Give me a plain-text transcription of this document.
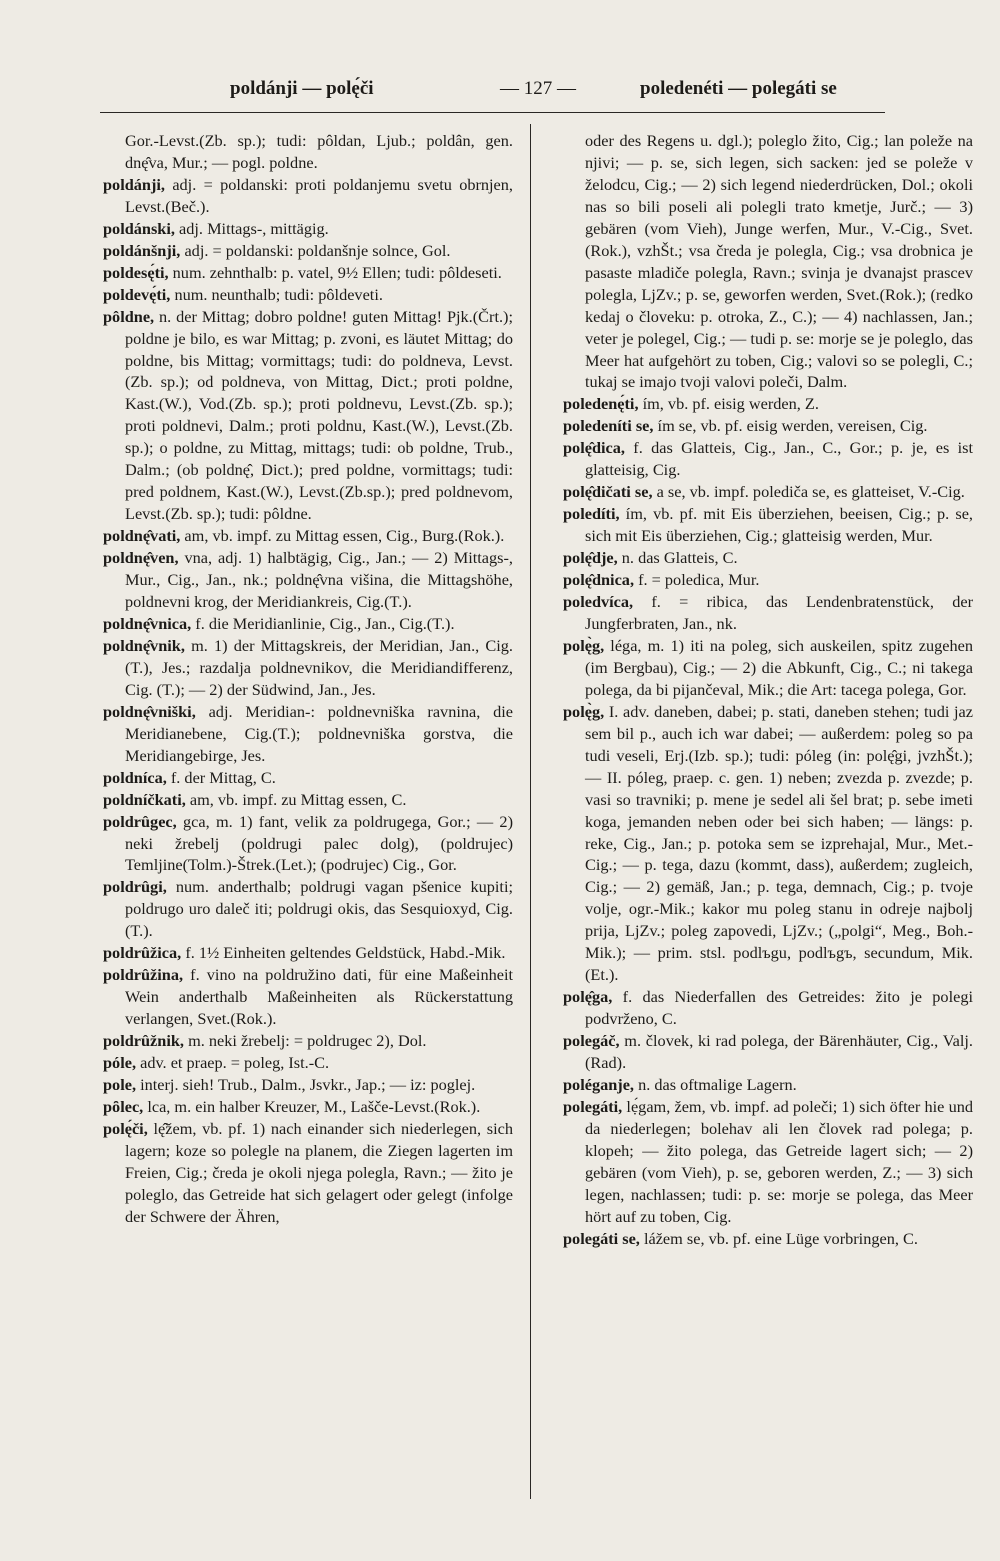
poldánji — polę́či	— 127 —	poledenéti — polegáti se

Gor.-Levst.(Zb. sp.); tudi: pôldan, Ljub.; poldân, gen. dnę̂va, Mur.; — pogl. poldne.

poldánji, adj. = poldanski: proti poldanjemu svetu obrnjen, Levst.(Beč.).

poldánski, adj. Mittags-, mittägig.

poldánšnji, adj. = poldanski: poldanšnje solnce, Gol.

poldesę́ti, num. zehnthalb: p. vatel, 9½ Ellen; tudi: pôldeseti.

poldevę́ti, num. neunthalb; tudi: pôldeveti.

pôldne, n. der Mittag; dobro poldne! guten Mittag! Pjk.(Črt.); poldne je bilo, es war Mittag; p. zvoni, es läutet Mittag; do poldne, bis Mittag; vormittags; tudi: do poldneva, Levst.(Zb. sp.); od poldneva, von Mittag, Dict.; proti poldne, Kast.(W.), Vod.(Zb. sp.); proti poldnevu, Levst.(Zb. sp.); proti poldnevi, Dalm.; proti poldnu, Kast.(W.), Levst.(Zb. sp.); o poldne, zu Mittag, mittags; tudi: ob poldne, Trub., Dalm.; (ob poldnę̂, Dict.); pred poldne, vormittags; tudi: pred poldnem, Kast.(W.), Levst.(Zb.sp.); pred poldnevom, Levst.(Zb. sp.); tudi: pôldne.

poldnę̂vati, am, vb. impf. zu Mittag essen, Cig., Burg.(Rok.).

poldnę̂ven, vna, adj. 1) halbtägig, Cig., Jan.; — 2) Mittags-, Mur., Cig., Jan., nk.; poldnę̂vna višina, die Mittagshöhe, poldnevni krog, der Meridiankreis, Cig.(T.).

poldnę̂vnica, f. die Meridianlinie, Cig., Jan., Cig.(T.).

poldnę̂vnik, m. 1) der Mittagskreis, der Meridian, Jan., Cig.(T.), Jes.; razdalja poldnevnikov, die Meridiandifferenz, Cig. (T.); — 2) der Südwind, Jan., Jes.

poldnę̂vniški, adj. Meridian-: poldnevniška ravnina, die Meridianebene, Cig.(T.); poldnevniška gorstva, die Meridiangebirge, Jes.

poldníca, f. der Mittag, C.

poldníčkati, am, vb. impf. zu Mittag essen, C.

poldrûgec, gca, m. 1) fant, velik za poldrugega, Gor.; — 2) neki žrebelj (poldrugi palec dolg), (poldrujec) Temljine(Tolm.)-Štrek.(Let.); (podrujec) Cig., Gor.

poldrûgi, num. anderthalb; poldrugi vagan pšenice kupiti; poldrugo uro dalеč iti; poldrugi okis, das Sesquioxyd, Cig.(T.).

poldrûžica, f. 1½ Einheiten geltendes Geldstück, Habd.-Mik.

poldrûžina, f. vino na poldružino dati, für eine Maßeinheit Wein anderthalb Maßeinheiten als Rückerstattung verlangen, Svet.(Rok.).

poldrûžnik, m. neki žrebelj: = poldrugec 2), Dol.

póle, adv. et praep. = poleg, Ist.-C.

pole, interj. sieh! Trub., Dalm., Jsvkr., Jap.; — iz: poglej.

pȏlec, lca, m. ein halber Kreuzer, M., Lašče-Levst.(Rok.).

polę́či, lę̂žem, vb. pf. 1) nach einander sich niederlegen, sich lagern; koze so polegle na planem, die Ziegen lagerten im Freien, Cig.; čreda je okoli njega polegla, Ravn.; — žito je poleglo, das Getreide hat sich gelagert oder gelegt (infolge der Schwere der Ähren,

oder des Regens u. dgl.); poleglo žito, Cig.; lan poleže na njivi; — p. se, sich legen, sich sacken: jed se poleže v želodcu, Cig.; — 2) sich legend niederdrücken, Dol.; okoli nas so bili poseli ali polegli trato kmetje, Jurč.; — 3) gebären (vom Vieh), Junge werfen, Mur., V.-Cig., Svet.(Rok.), vzhŠt.; vsa čreda je polegla, Cig.; vsa drobnica je pasaste mladiče polegla, Ravn.; svinja je dvanajst prascev polegla, LjZv.; p. se, geworfen werden, Svet.(Rok.); (redko kedaj o človeku: p. otroka, Z., C.); — 4) nachlassen, Jan.; veter je polegel, Cig.; — tudi p. se: morje se je poleglo, das Meer hat aufgehört zu toben, Cig.; valovi so se polegli, C.; tukaj se imajo tvoji valovi poleči, Dalm.

poledenę́ti, ím, vb. pf. eisig werden, Z.

poledeníti se, ím se, vb. pf. eisig werden, vereisen, Cig.

polę̂dica, f. das Glatteis, Cig., Jan., C., Gor.; p. je, es ist glatteisig, Cig.

polę̂dičati se, a se, vb. impf. poledičа se, es glatteiset, V.-Cig.

poledíti, ím, vb. pf. mit Eis überziehen, beeisen, Cig.; p. se, sich mit Eis überziehen, Cig.; glatteisig werden, Mur.

polę̂dje, n. das Glatteis, C.

polę̂dnica, f. = poledica, Mur.

poledvíca, f. = ribica, das Lendenbratenstück, der Jungferbraten, Jan., nk.

polę̀g, léga, m. 1) iti na poleg, sich auskeilen, spitz zugehen (im Bergbau), Cig.; — 2) die Abkunft, Cig., C.; ni takega polega, da bi pijančeval, Mik.; die Art: tacega polega, Gor.

polę̀g, I. adv. daneben, dabei; p. stati, daneben stehen; tudi jaz sem bil p., auch ich war dabei; — außerdem: poleg so pa tudi veseli, Erj.(Izb. sp.); tudi: póleg (in: polę̂gi, jvzhŠt.); — II. póleg, praep. c. gen. 1) neben; zvezda p. zvezde; p. vasi so travniki; p. mene je sedel ali šel brat; p. sebe imeti koga, jemanden neben oder bei sich haben; — längs: p. reke, Cig., Jan.; p. potoka sem se izprehajal, Mur., Met.-Cig.; — p. tega, dazu (kommt, dass), außerdem; zugleich, Cig.; — 2) gemäß, Jan.; p. tega, demnach, Cig.; p. tvoje volje, ogr.-Mik.; kakor mu poleg stanu in odreje najbolj prija, LjZv.; poleg zapovedi, LjZv.; („polgi“, Meg., Boh.-Mik.); — prim. stsl. podlъgu, podlъgъ, secundum, Mik.(Et.).

polę̂ga, f. das Niederfallen des Getreides: žito je polegi podvrženo, C.

polegáč, m. človek, ki rad polega, der Bärenhäuter, Cig., Valj.(Rad).

poléganje, n. das oftmalige Lagern.

polegáti, lẹ́gam, žem, vb. impf. ad poleči; 1) sich öfter hie und da niederlegen; bolehav ali len človek rad polega; p. klopeh; — žito polega, das Getreide lagert sich; — 2) gebären (vom Vieh), p. se, geboren werden, Z.; — 3) sich legen, nachlassen; tudi: p. se: morje se polega, das Meer hört auf zu toben, Cig.

polegáti se, lážem se, vb. pf. eine Lüge vorbringen, C.
